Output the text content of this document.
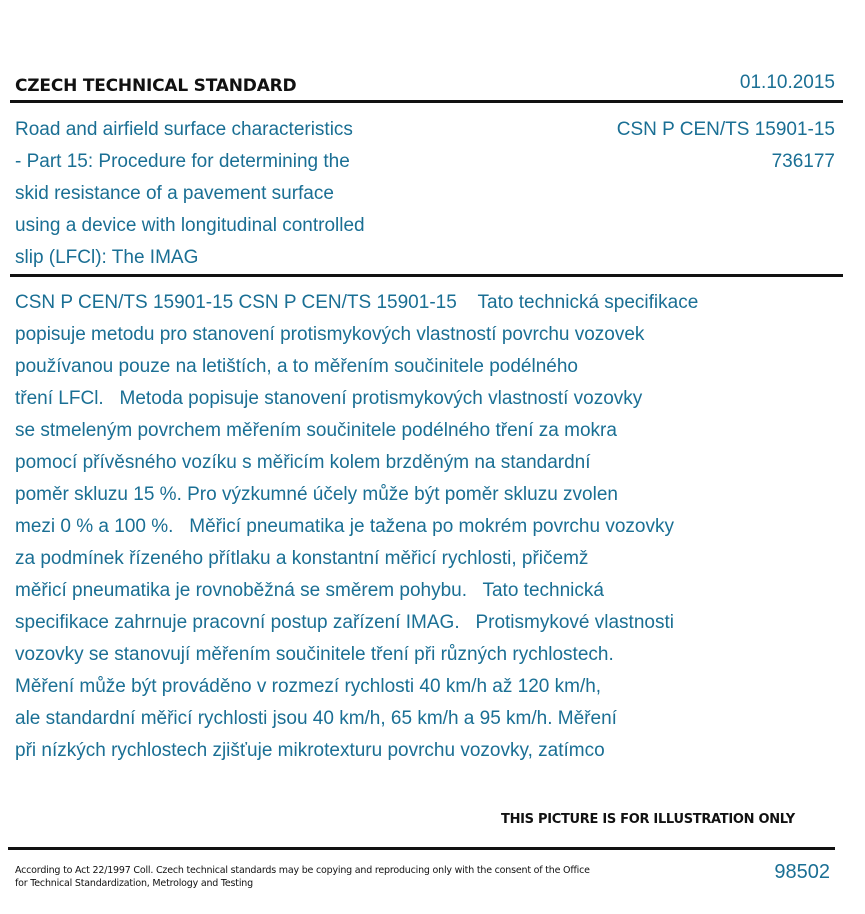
CZECH TECHNICAL STANDARD	01.10.2015
Road and airfield surface characteristics
- Part 15: Procedure for determining the
skid resistance of a pavement surface
using a device with longitudinal controlled
slip (LFCl): The IMAG
CSN P CEN/TS 15901-15
736177
CSN P CEN/TS 15901-15 CSN P CEN/TS 15901-15    Tato technická specifikace
popisuje metodu pro stanovení protismykových vlastností povrchu vozovek
používanou pouze na letištích, a to měřením součinitele podélného
tření LFCl.   Metoda popisuje stanovení protismykových vlastností vozovky
se stmeleným povrchem měřením součinitele podélného tření za mokra
pomocí přívěsného vozíku s měřicím kolem brzděným na standardní
poměr skluzu 15 %. Pro výzkumné účely může být poměr skluzu zvolen
mezi 0 % a 100 %.   Měřicí pneumatika je tažena po mokrém povrchu vozovky
za podmínek řízeného přítlaku a konstantní měřicí rychlosti, přičemž
měřicí pneumatika je rovnoběžná se směrem pohybu.   Tato technická
specifikace zahrnuje pracovní postup zařízení IMAG.   Protismykové vlastnosti
vozovky se stanovují měřením součinitele tření při různých rychlostech.
Měření může být prováděno v rozmezí rychlosti 40 km/h až 120 km/h,
ale standardní měřicí rychlosti jsou 40 km/h, 65 km/h a 95 km/h. Měření
při nízkých rychlostech zjišťuje mikrotexturu povrchu vozovky, zatímco
THIS PICTURE IS FOR ILLUSTRATION ONLY
According to Act 22/1997 Coll. Czech technical standards may be copying and reproducing only with the consent of the Office
for Technical Standardization, Metrology and Testing
98502
